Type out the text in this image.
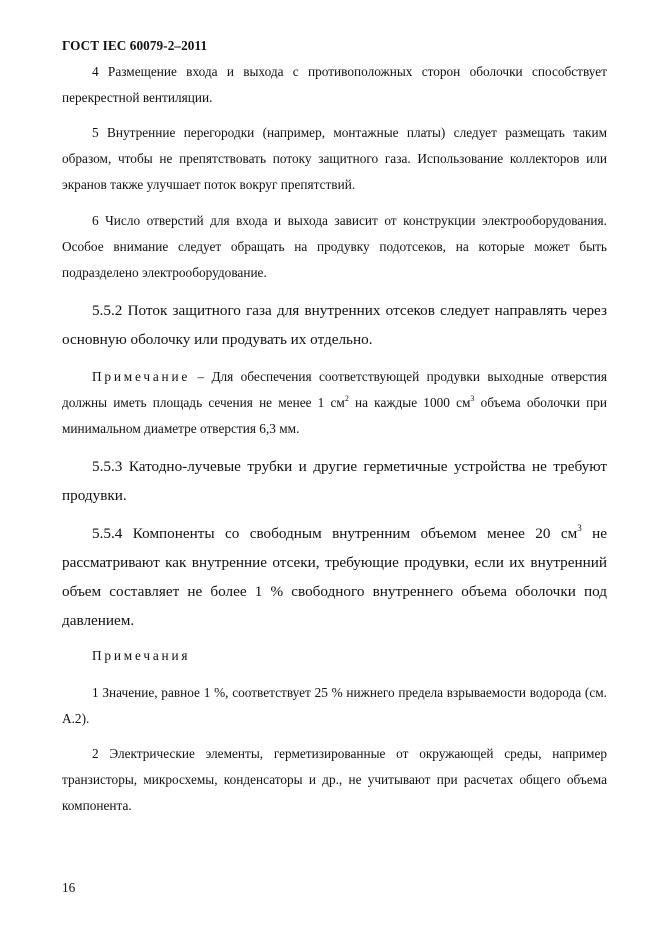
ГОСТ IEC 60079-2–2011

4 Размещение входа и выхода с противоположных сторон оболочки способствует перекрестной вентиляции.

5 Внутренние перегородки (например, монтажные платы) следует размещать таким образом, чтобы не препятствовать потоку защитного газа. Использование коллекторов или экранов также улучшает поток вокруг препятствий.

6 Число отверстий для входа и выхода зависит от конструкции электрооборудования. Особое внимание следует обращать на продувку подотсеков, на которые может быть подразделено электрооборудование.

5.5.2 Поток защитного газа для внутренних отсеков следует направлять через основную оболочку или продувать их отдельно.

Примечание – Для обеспечения соответствующей продувки выходные отверстия должны иметь площадь сечения не менее 1 $см^2$ на каждые 1000 $см^3$ объема оболочки при минимальном диаметре отверстия 6,3 мм.

5.5.3 Катодно-лучевые трубки и другие герметичные устройства не требуют продувки.

5.5.4 Компоненты со свободным внутренним объемом менее 20 $см^3$ не рассматривают как внутренние отсеки, требующие продувки, если их внутренний объем составляет не более 1 % свободного внутреннего объема оболочки под давлением.

Примечания

1 Значение, равное 1 %, соответствует 25 % нижнего предела взрываемости водорода (см. А.2).

2 Электрические элементы, герметизированные от окружающей среды, например транзисторы, микросхемы, конденсаторы и др., не учитывают при расчетах общего объема компонента.

16
